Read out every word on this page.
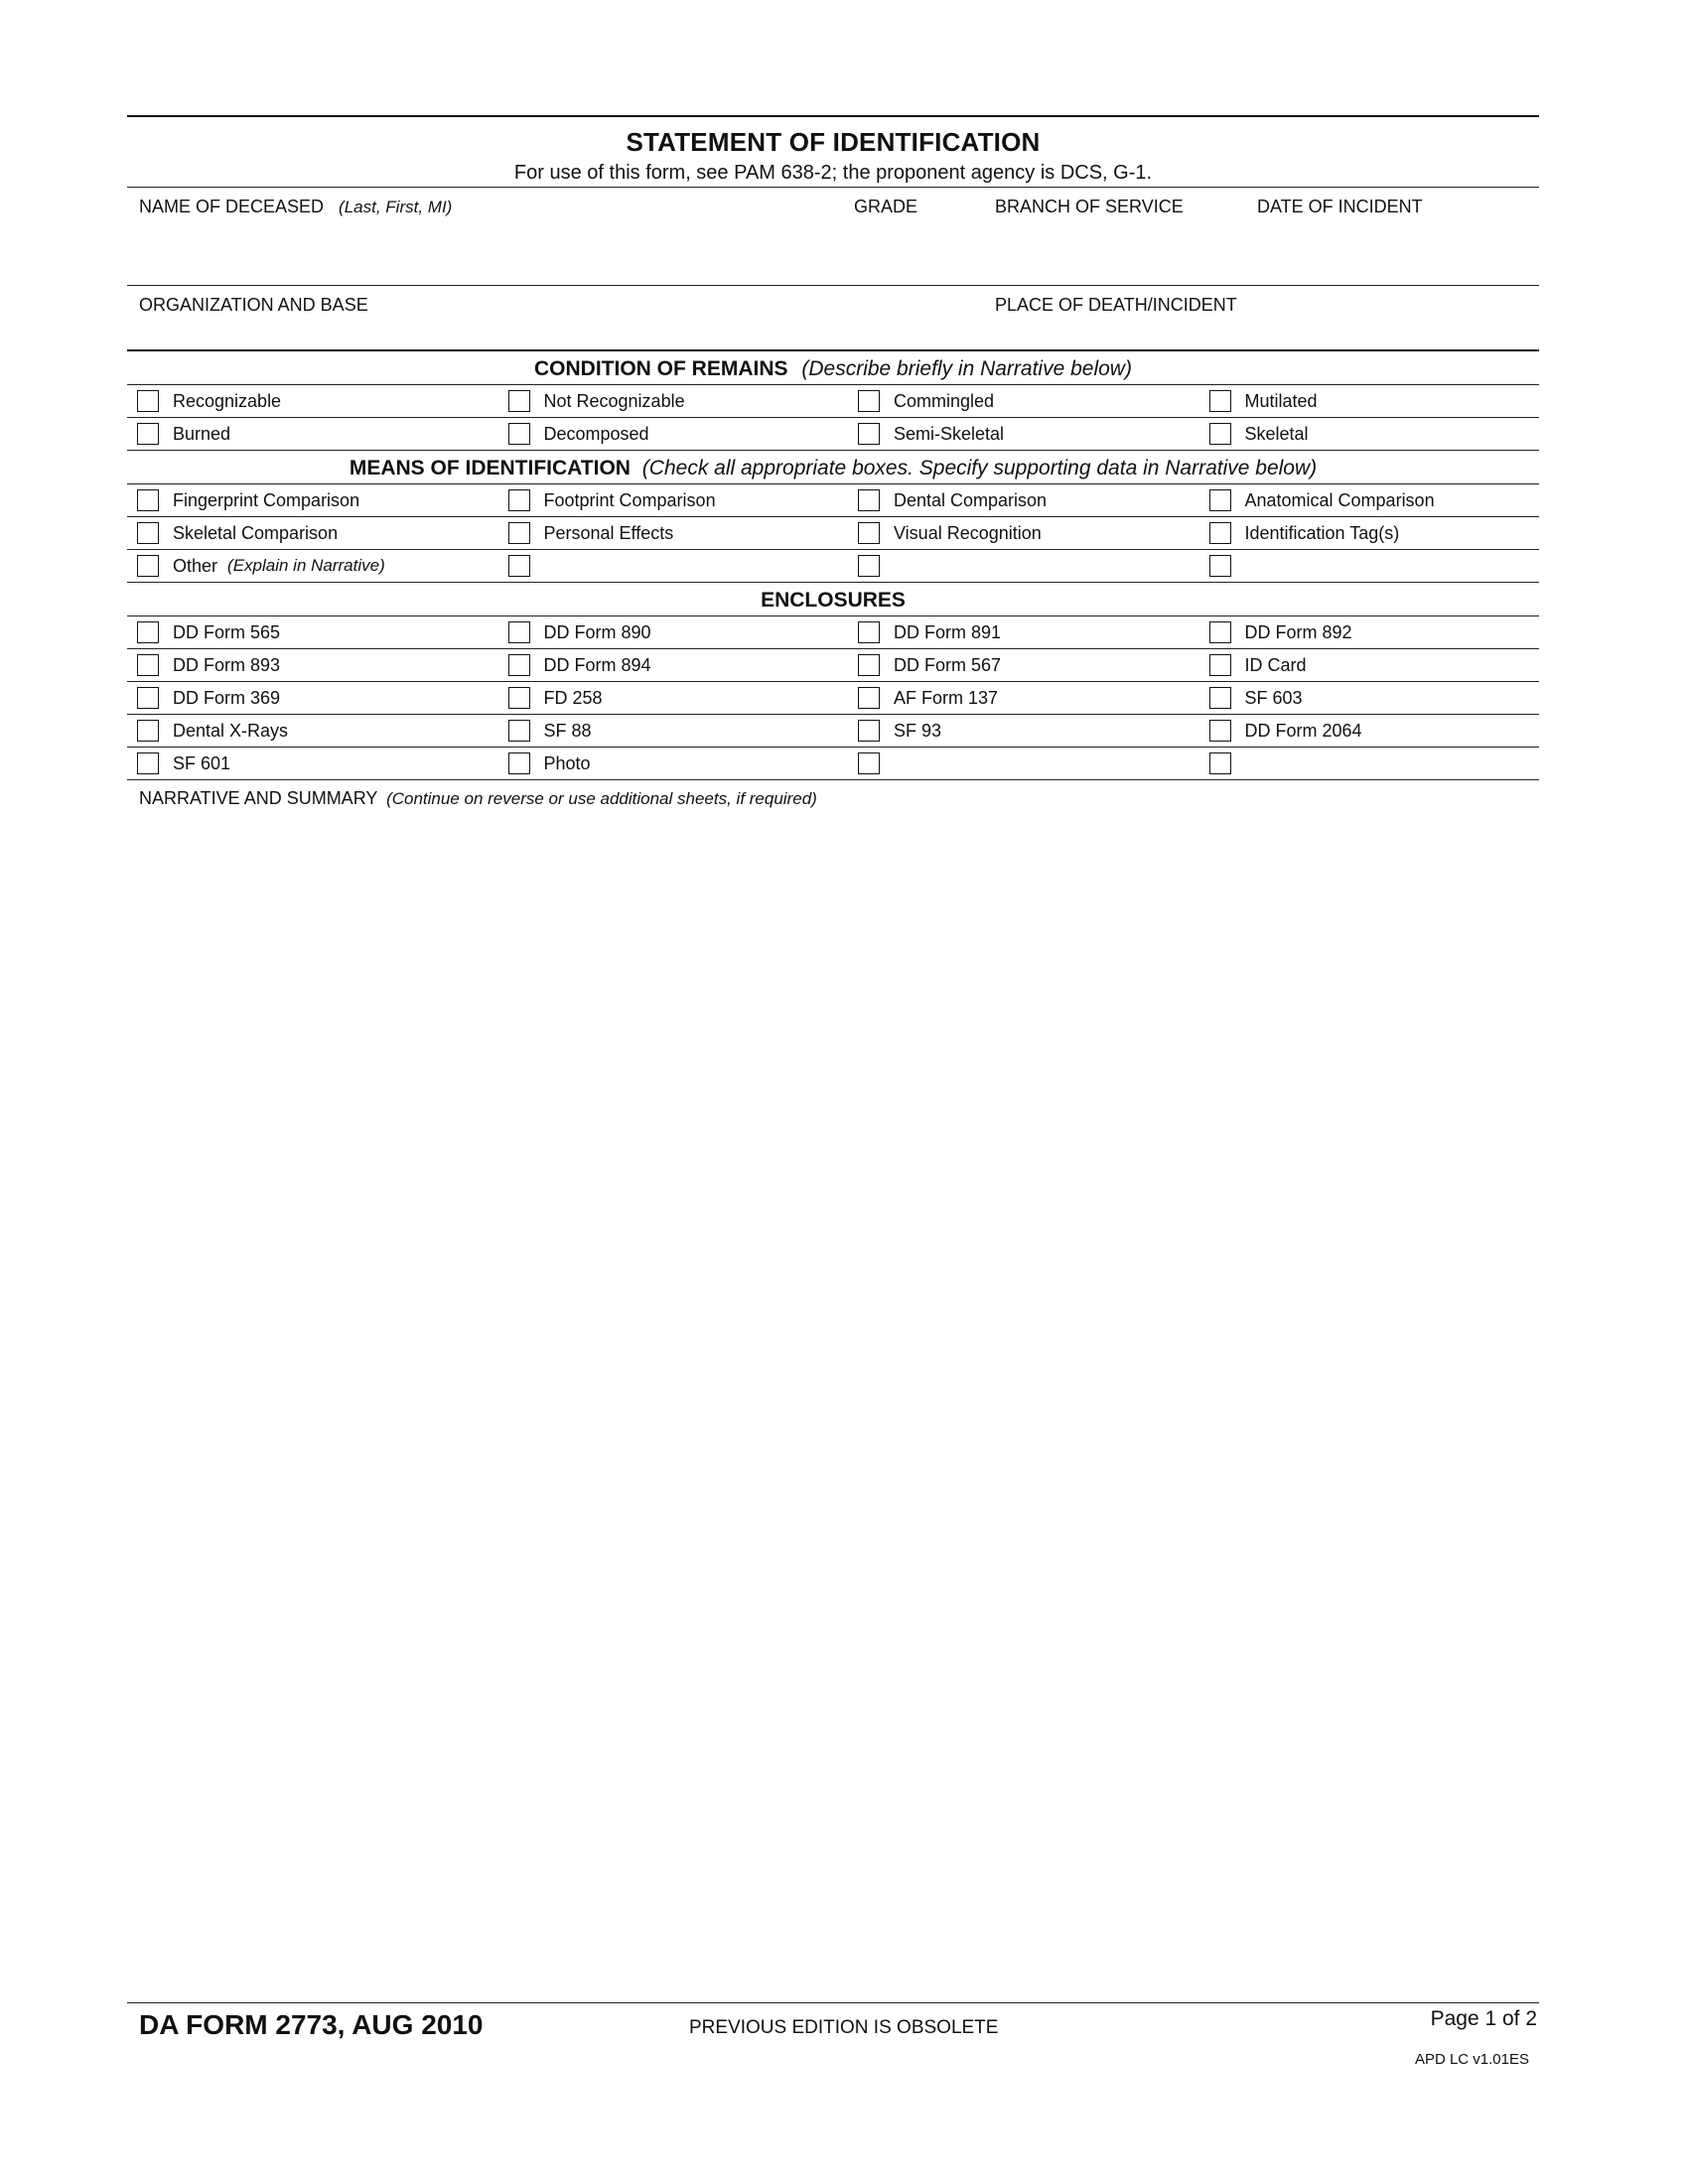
STATEMENT OF IDENTIFICATION
For use of this form, see PAM 638-2; the proponent agency is DCS, G-1.
NAME OF DECEASED (Last, First, MI)	GRADE	BRANCH OF SERVICE	DATE OF INCIDENT
ORGANIZATION AND BASE	PLACE OF DEATH/INCIDENT
CONDITION OF REMAINS (Describe briefly in Narrative below)
Recognizable	Not Recognizable	Commingled	Mutilated
Burned	Decomposed	Semi-Skeletal	Skeletal
MEANS OF IDENTIFICATION (Check all appropriate boxes. Specify supporting data in Narrative below)
Fingerprint Comparison	Footprint Comparison	Dental Comparison	Anatomical Comparison
Skeletal Comparison	Personal Effects	Visual Recognition	Identification Tag(s)
Other (Explain in Narrative)
ENCLOSURES
DD Form 565	DD Form 890	DD Form 891	DD Form 892
DD Form 893	DD Form 894	DD Form 567	ID Card
DD Form 369	FD 258	AF Form 137	SF 603
Dental X-Rays	SF 88	SF 93	DD Form 2064
SF 601	Photo
NARRATIVE AND SUMMARY (Continue on reverse or use additional sheets, if required)
DA FORM 2773, AUG 2010	PREVIOUS EDITION IS OBSOLETE	Page 1 of 2
APD LC v1.01ES
